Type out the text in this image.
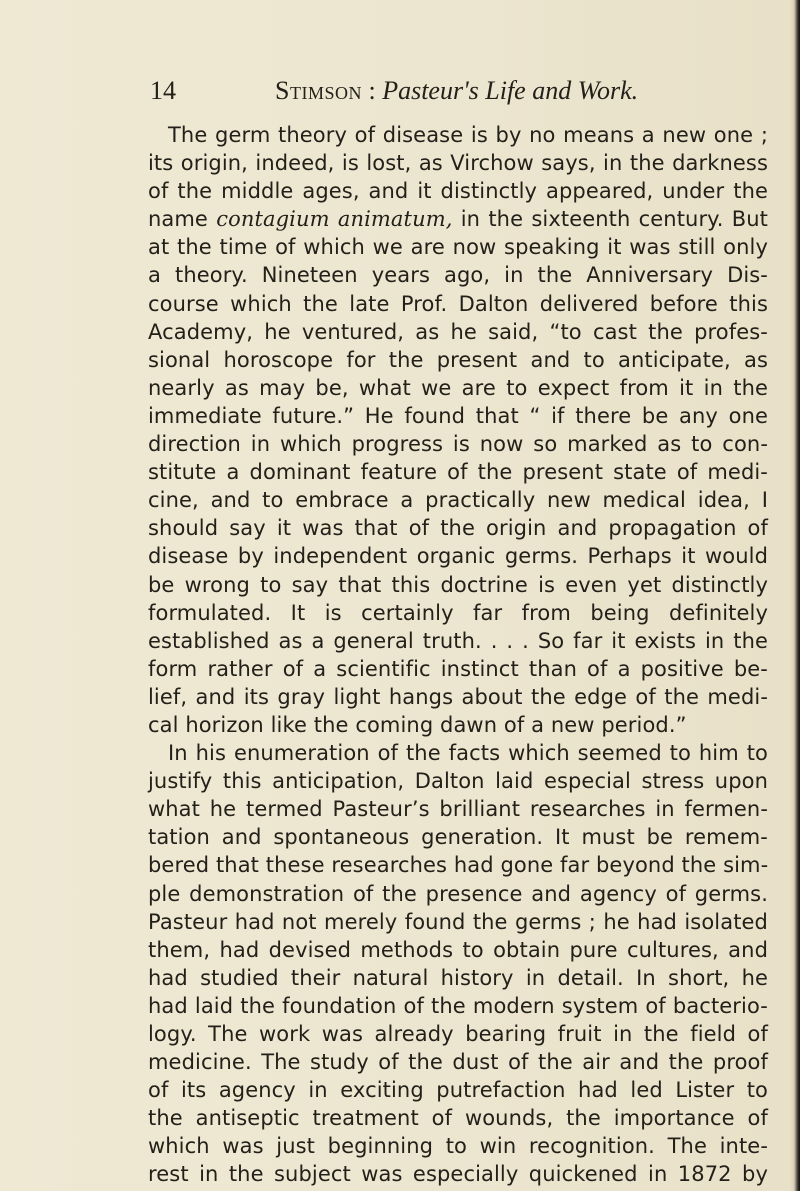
14	Stimson : Pasteur's Life and Work.
The germ theory of disease is by no means a new one ;
its origin, indeed, is lost, as Virchow says, in the darkness
of the middle ages, and it distinctly appeared, under the
name contagium animatum, in the sixteenth century. But
at the time of which we are now speaking it was still only
a theory. Nineteen years ago, in the Anniversary Dis-
course which the late Prof. Dalton delivered before this
Academy, he ventured, as he said, “to cast the profes-
sional horoscope for the present and to anticipate, as
nearly as may be, what we are to expect from it in the
immediate future.” He found that “ if there be any one
direction in which progress is now so marked as to con-
stitute a dominant feature of the present state of medi-
cine, and to embrace a practically new medical idea, I
should say it was that of the origin and propagation of
disease by independent organic germs. Perhaps it would
be wrong to say that this doctrine is even yet distinctly
formulated. It is certainly far from being definitely
established as a general truth. . . . So far it exists in the
form rather of a scientific instinct than of a positive be-
lief, and its gray light hangs about the edge of the medi-
cal horizon like the coming dawn of a new period.”
In his enumeration of the facts which seemed to him to
justify this anticipation, Dalton laid especial stress upon
what he termed Pasteur’s brilliant researches in fermen-
tation and spontaneous generation. It must be remem-
bered that these researches had gone far beyond the sim-
ple demonstration of the presence and agency of germs.
Pasteur had not merely found the germs ; he had isolated
them, had devised methods to obtain pure cultures, and
had studied their natural history in detail. In short, he
had laid the foundation of the modern system of bacterio-
logy. The work was already bearing fruit in the field of
medicine. The study of the dust of the air and the proof
of its agency in exciting putrefaction had led Lister to
the antiseptic treatment of wounds, the importance of
which was just beginning to win recognition. The inte-
rest in the subject was especially quickened in 1872 by
